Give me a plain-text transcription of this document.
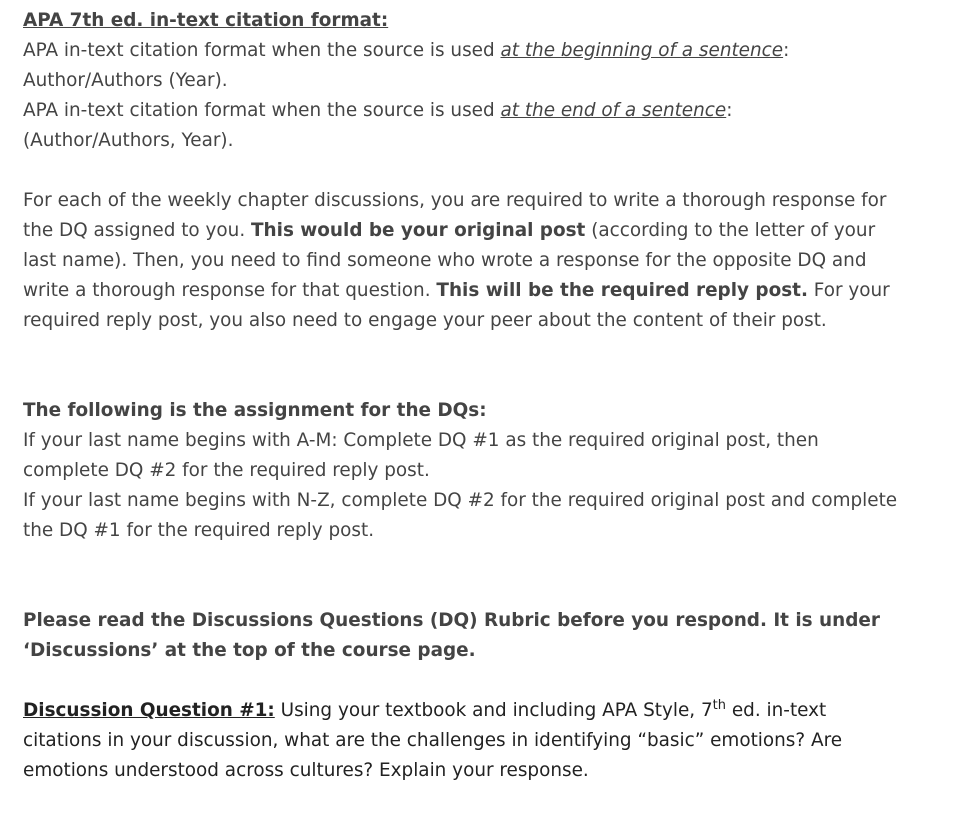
APA 7th ed. in-text citation format:

APA in-text citation format when the source is used at the beginning of a sentence:

Author/Authors (Year).

APA in-text citation format when the source is used at the end of a sentence:

(Author/Authors, Year).

For each of the weekly chapter discussions, you are required to write a thorough response for the DQ assigned to you. This would be your original post (according to the letter of your last name). Then, you need to find someone who wrote a response for the opposite DQ and write a thorough response for that question. This will be the required reply post. For your required reply post, you also need to engage your peer about the content of their post.

The following is the assignment for the DQs:

If your last name begins with A-M: Complete DQ #1 as the required original post, then complete DQ #2 for the required reply post.

If your last name begins with N-Z, complete DQ #2 for the required original post and complete the DQ #1 for the required reply post.

Please read the Discussions Questions (DQ) Rubric before you respond. It is under ‘Discussions’ at the top of the course page.

Discussion Question #1: Using your textbook and including APA Style, 7th ed. in-text citations in your discussion, what are the challenges in identifying “basic” emotions? Are emotions understood across cultures? Explain your response.
